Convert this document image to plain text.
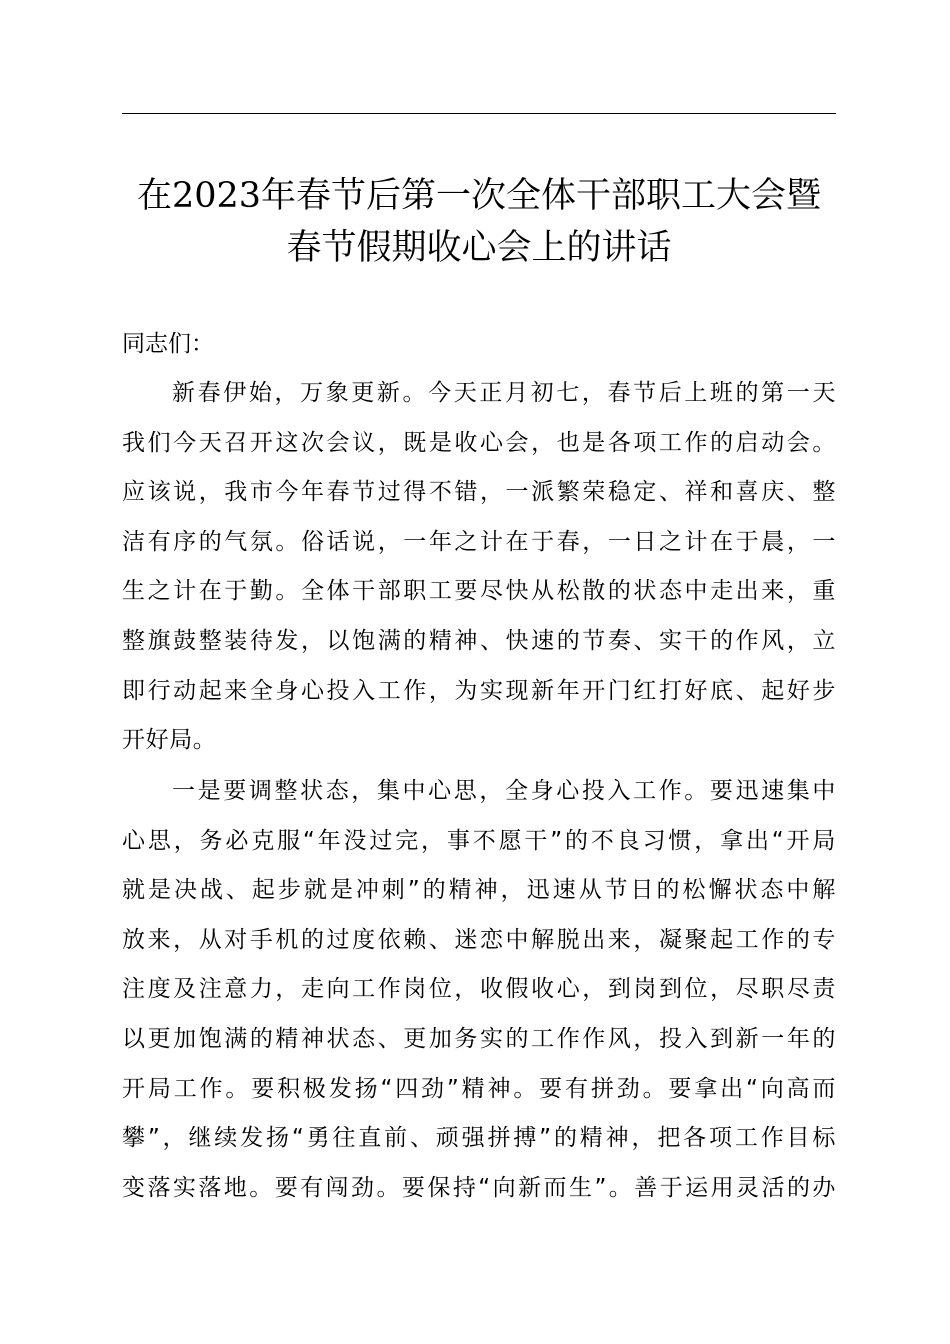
在2023年春节后第一次全体干部职工大会暨
春节假期收心会上的讲话

同志们：

新春伊始，万象更新。今天正月初七，春节后上班的第一天
我们今天召开这次会议，既是收心会，也是各项工作的启动会。
应该说，我市今年春节过得不错，一派繁荣稳定、祥和喜庆、整
洁有序的气氛。俗话说，一年之计在于春，一日之计在于晨，一
生之计在于勤。全体干部职工要尽快从松散的状态中走出来，重
整旗鼓整装待发，以饱满的精神、快速的节奏、实干的作风，立
即行动起来全身心投入工作，为实现新年开门红打好底、起好步
开好局。
一是要调整状态，集中心思，全身心投入工作。要迅速集中
心思，务必克服“年没过完，事不愿干”的不良习惯，拿出“开局
就是决战、起步就是冲刺”的精神，迅速从节日的松懈状态中解
放来，从对手机的过度依赖、迷恋中解脱出来，凝聚起工作的专
注度及注意力，走向工作岗位，收假收心，到岗到位，尽职尽责
以更加饱满的精神状态、更加务实的工作作风，投入到新一年的
开局工作。要积极发扬“四劲”精神。要有拼劲。要拿出“向高而
攀”，继续发扬“勇往直前、顽强拼搏”的精神，把各项工作目标
变落实落地。要有闯劲。要保持“向新而生”。善于运用灵活的办
